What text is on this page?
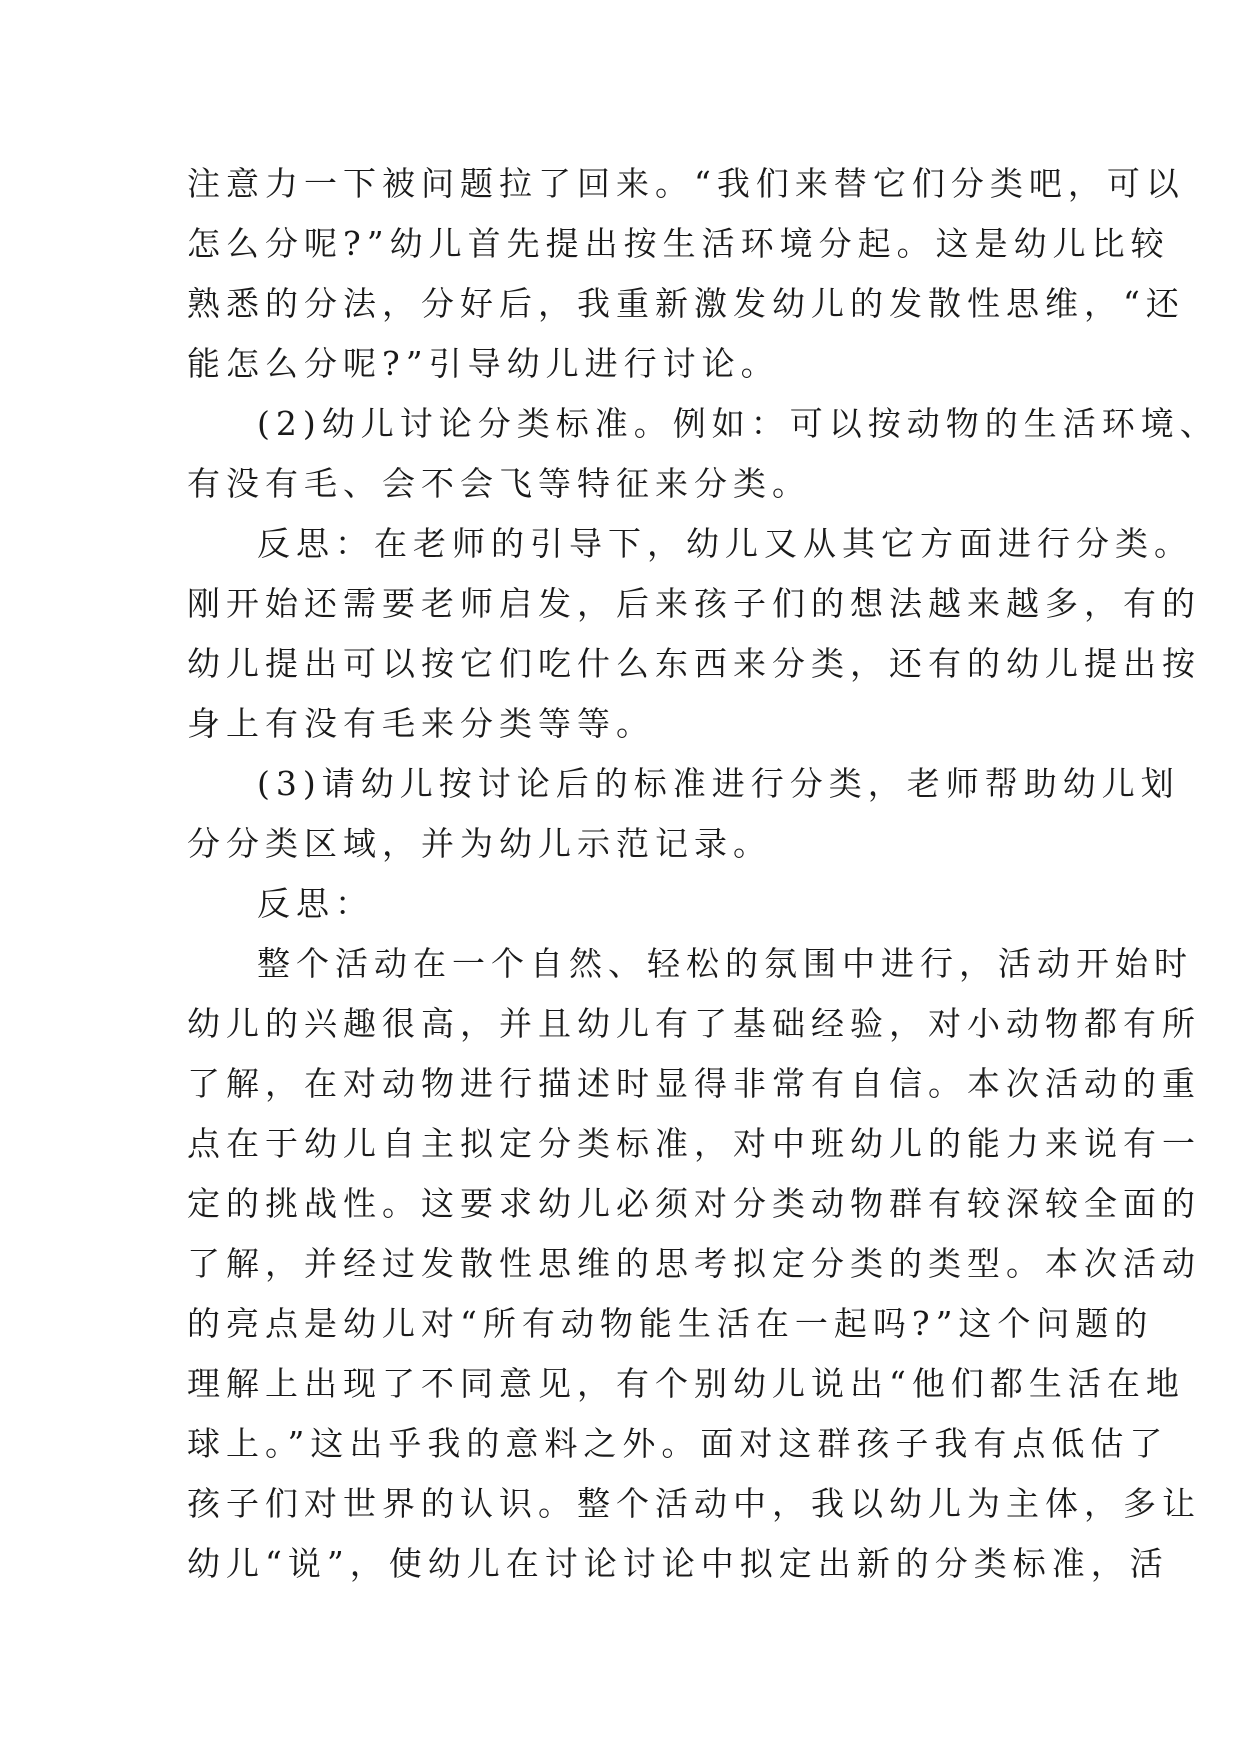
注意力一下被问题拉了回来。“我们来替它们分类吧，可以
怎么分呢?”幼儿首先提出按生活环境分起。这是幼儿比较
熟悉的分法，分好后，我重新激发幼儿的发散性思维，“还
能怎么分呢?”引导幼儿进行讨论。
(2)幼儿讨论分类标准。例如：可以按动物的生活环境、
有没有毛、会不会飞等特征来分类。
反思：在老师的引导下，幼儿又从其它方面进行分类。
刚开始还需要老师启发，后来孩子们的想法越来越多，有的
幼儿提出可以按它们吃什么东西来分类，还有的幼儿提出按
身上有没有毛来分类等等。
(3)请幼儿按讨论后的标准进行分类，老师帮助幼儿划
分分类区域，并为幼儿示范记录。
反思：
整个活动在一个自然、轻松的氛围中进行，活动开始时
幼儿的兴趣很高，并且幼儿有了基础经验，对小动物都有所
了解，在对动物进行描述时显得非常有自信。本次活动的重
点在于幼儿自主拟定分类标准，对中班幼儿的能力来说有一
定的挑战性。这要求幼儿必须对分类动物群有较深较全面的
了解，并经过发散性思维的思考拟定分类的类型。本次活动
的亮点是幼儿对“所有动物能生活在一起吗?”这个问题的
理解上出现了不同意见，有个别幼儿说出“他们都生活在地
球上。”这出乎我的意料之外。面对这群孩子我有点低估了
孩子们对世界的认识。整个活动中，我以幼儿为主体，多让
幼儿“说”，使幼儿在讨论讨论中拟定出新的分类标准，活
